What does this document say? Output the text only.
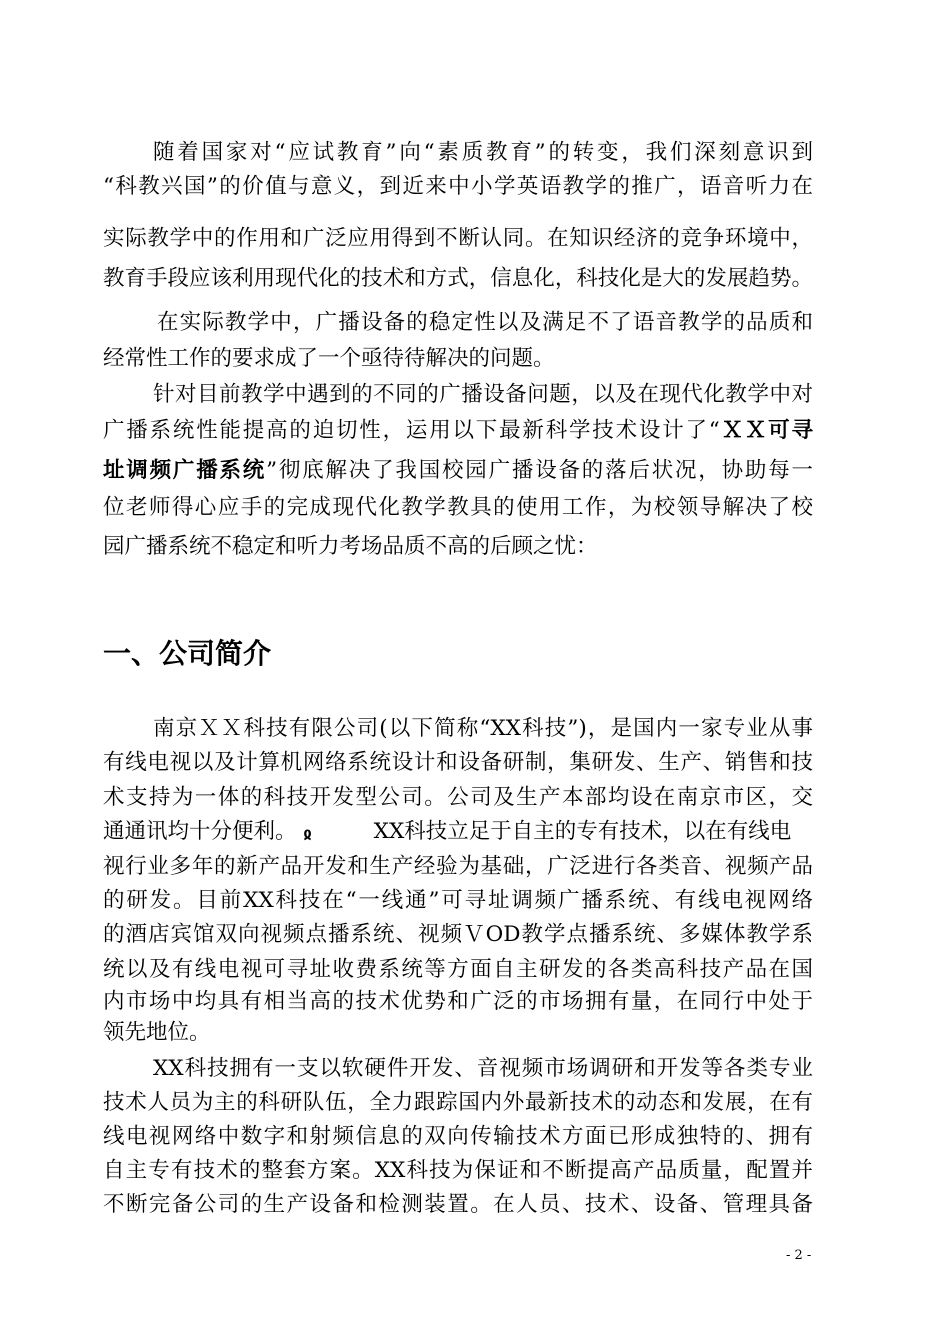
随着国家对“应试教育”向“素质教育”的转变，我们深刻意识到
“科教兴国”的价值与意义，到近来中小学英语教学的推广，语音听力在
实际教学中的作用和广泛应用得到不断认同。在知识经济的竞争环境中，
教育手段应该利用现代化的技术和方式，信息化，科技化是大的发展趋势。
在实际教学中，广播设备的稳定性以及满足不了语音教学的品质和
经常性工作的要求成了一个亟待待解决的问题。
针对目前教学中遇到的不同的广播设备问题，以及在现代化教学中对
广播系统性能提高的迫切性，运用以下最新科学技术设计了“ＸＸ可寻
址调频广播系统”彻底解决了我国校园广播设备的落后状况，协助每一
位老师得心应手的完成现代化教学教具的使用工作，为校领导解决了校
园广播系统不稳定和听力考场品质不高的后顾之忧：
一、公司简介
南京ＸＸ科技有限公司(以下简称“XX科技”)，是国内一家专业从事
有线电视以及计算机网络系统设计和设备研制，集研发、生产、销售和技
术支持为一体的科技开发型公司。公司及生产本部均设在南京市区，交
通通讯均十分便利。 ჲ	XX科技立足于自主的专有技术，以在有线电
视行业多年的新产品开发和生产经验为基础，广泛进行各类音、视频产品
的研发。目前XX科技在“一线通”可寻址调频广播系统、有线电视网络
的酒店宾馆双向视频点播系统、视频ＶOD教学点播系统、多媒体教学系
统以及有线电视可寻址收费系统等方面自主研发的各类高科技产品在国
内市场中均具有相当高的技术优势和广泛的市场拥有量，在同行中处于
领先地位。
XX科技拥有一支以软硬件开发、音视频市场调研和开发等各类专业
技术人员为主的科研队伍，全力跟踪国内外最新技术的动态和发展，在有
线电视网络中数字和射频信息的双向传输技术方面已形成独特的、拥有
自主专有技术的整套方案。XX科技为保证和不断提高产品质量，配置并
不断完备公司的生产设备和检测装置。在人员、技术、设备、管理具备
- 2 -
